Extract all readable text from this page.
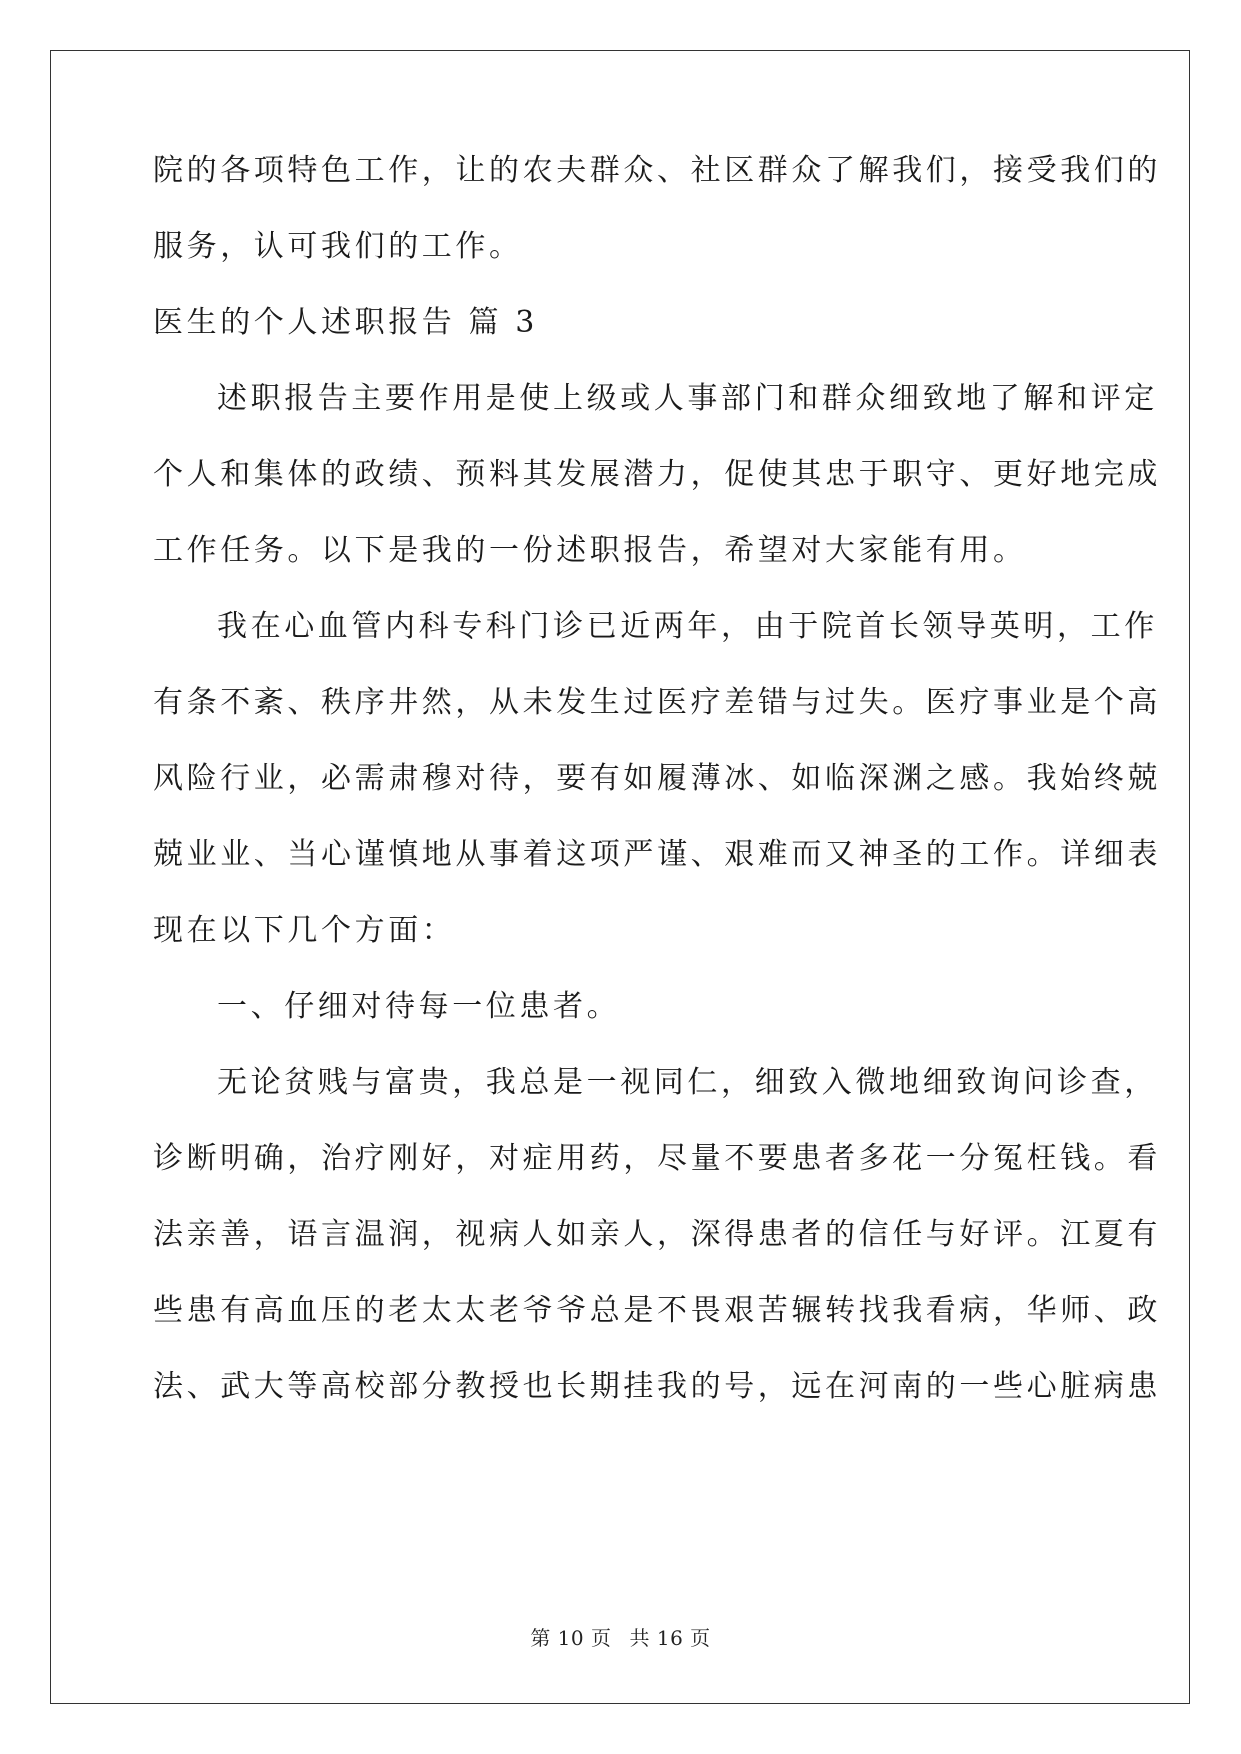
院的各项特色工作，让的农夫群众、社区群众了解我们，接受我们的
服务，认可我们的工作。
医生的个人述职报告 篇 3
述职报告主要作用是使上级或人事部门和群众细致地了解和评定
个人和集体的政绩、预料其发展潜力，促使其忠于职守、更好地完成
工作任务。以下是我的一份述职报告，希望对大家能有用。
我在心血管内科专科门诊已近两年，由于院首长领导英明，工作
有条不紊、秩序井然，从未发生过医疗差错与过失。医疗事业是个高
风险行业，必需肃穆对待，要有如履薄冰、如临深渊之感。我始终兢
兢业业、当心谨慎地从事着这项严谨、艰难而又神圣的工作。详细表
现在以下几个方面：
一、仔细对待每一位患者。
无论贫贱与富贵，我总是一视同仁，细致入微地细致询问诊查，
诊断明确，治疗刚好，对症用药，尽量不要患者多花一分冤枉钱。看
法亲善，语言温润，视病人如亲人，深得患者的信任与好评。江夏有
些患有高血压的老太太老爷爷总是不畏艰苦辗转找我看病，华师、政
法、武大等高校部分教授也长期挂我的号，远在河南的一些心脏病患
第 10 页 共 16 页
